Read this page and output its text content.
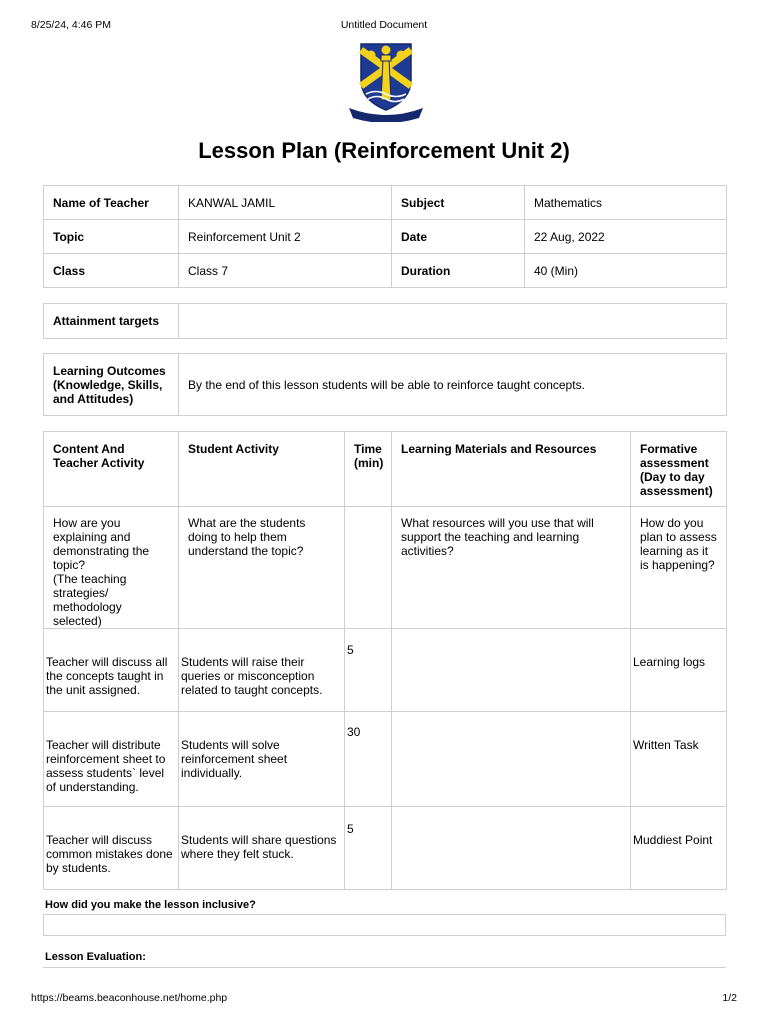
8/25/24, 4:46 PM	Untitled Document
Lesson Plan (Reinforcement Unit 2)
Name of Teacher	KANWAL JAMIL	Subject	Mathematics
Topic	Reinforcement Unit 2	Date	22 Aug, 2022
Class	Class 7	Duration	40 (Min)
Attainment targets	
Learning Outcomes (Knowledge, Skills, and Attitudes)	By the end of this lesson students will be able to reinforce taught concepts.
Content And Teacher Activity	Student Activity	Time (min)	Learning Materials and Resources	Formative assessment (Day to day assessment)

How are you explaining and demonstrating the topic?
(The teaching strategies/ methodology selected)	What are the students doing to help them understand the topic?		What resources will you use that will support the teaching and learning activities?	How do you plan to assess learning as it is happening?

Teacher will discuss all the concepts taught in the unit assigned.	Students will raise their queries or misconception related to taught concepts.	5		Learning logs

Teacher will distribute reinforcement sheet to assess students` level of understanding.	Students will solve reinforcement sheet individually.	30		Written Task

Teacher will discuss common mistakes done by students.	Students will share questions where they felt stuck.	5		Muddiest Point
How did you make the lesson inclusive?
Lesson Evaluation:
https://beams.beaconhouse.net/home.php	1/2
